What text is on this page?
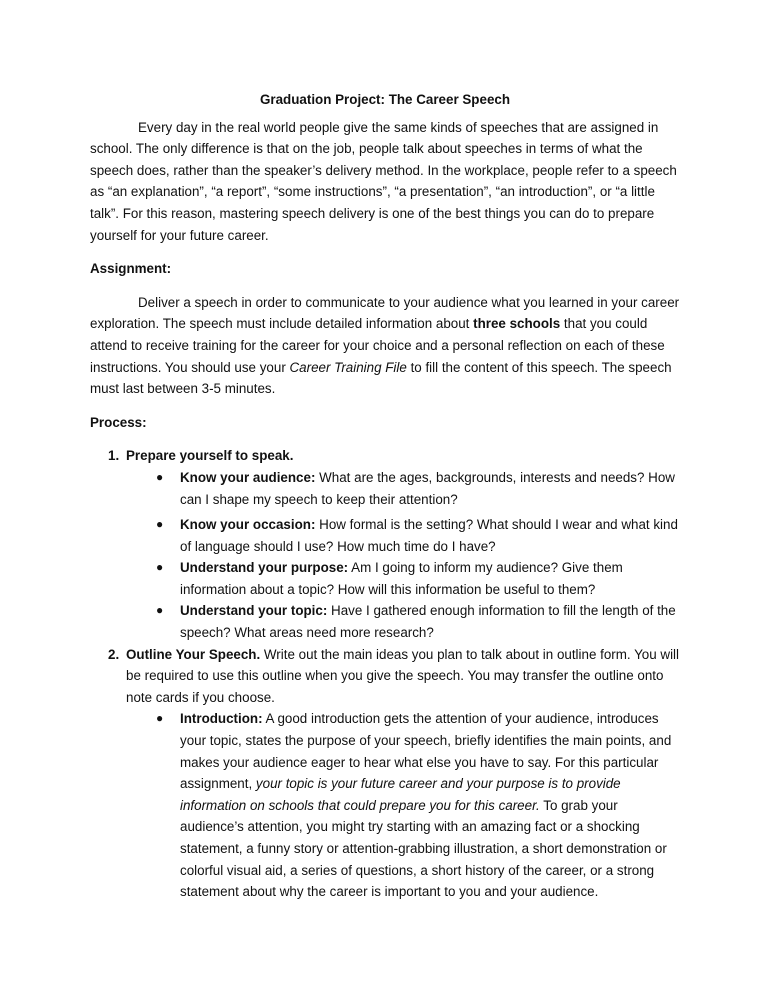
Graduation Project: The Career Speech

Every day in the real world people give the same kinds of speeches that are assigned in school. The only difference is that on the job, people talk about speeches in terms of what the speech does, rather than the speaker’s delivery method. In the workplace, people refer to a speech as “an explanation”, “a report”, “some instructions”, “a presentation”, “an introduction”, or “a little talk”. For this reason, mastering speech delivery is one of the best things you can do to prepare yourself for your future career.

Assignment:

Deliver a speech in order to communicate to your audience what you learned in your career exploration. The speech must include detailed information about three schools that you could attend to receive training for the career for your choice and a personal reflection on each of these instructions. You should use your Career Training File to fill the content of this speech. The speech must last between 3-5 minutes.

Process:

1. Prepare yourself to speak.
● Know your audience: What are the ages, backgrounds, interests and needs? How can I shape my speech to keep their attention?
● Know your occasion: How formal is the setting? What should I wear and what kind of language should I use? How much time do I have?
● Understand your purpose: Am I going to inform my audience? Give them information about a topic? How will this information be useful to them?
● Understand your topic: Have I gathered enough information to fill the length of the speech? What areas need more research?
2. Outline Your Speech. Write out the main ideas you plan to talk about in outline form. You will be required to use this outline when you give the speech. You may transfer the outline onto note cards if you choose.
● Introduction: A good introduction gets the attention of your audience, introduces your topic, states the purpose of your speech, briefly identifies the main points, and makes your audience eager to hear what else you have to say. For this particular assignment, your topic is your future career and your purpose is to provide information on schools that could prepare you for this career. To grab your audience’s attention, you might try starting with an amazing fact or a shocking statement, a funny story or attention-grabbing illustration, a short demonstration or colorful visual aid, a series of questions, a short history of the career, or a strong statement about why the career is important to you and your audience.
